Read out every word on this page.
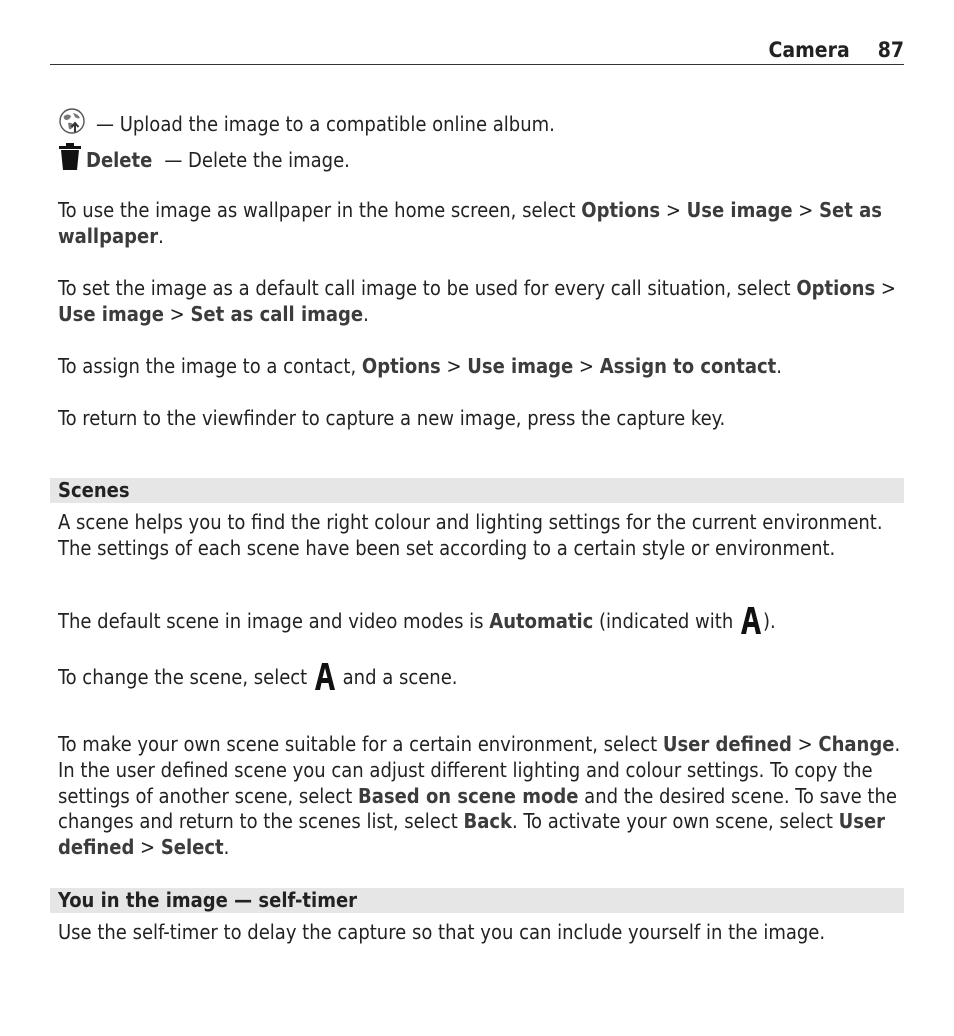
Camera 87
— Upload the image to a compatible online album.
Delete — Delete the image.
To use the image as wallpaper in the home screen, select Options > Use image > Set as wallpaper.
To set the image as a default call image to be used for every call situation, select Options > Use image > Set as call image.
To assign the image to a contact, Options > Use image > Assign to contact.
To return to the viewfinder to capture a new image, press the capture key.
Scenes
A scene helps you to find the right colour and lighting settings for the current environment. The settings of each scene have been set according to a certain style or environment.
The default scene in image and video modes is Automatic (indicated with ).
To change the scene, select  and a scene.
To make your own scene suitable for a certain environment, select User defined > Change. In the user defined scene you can adjust different lighting and colour settings. To copy the settings of another scene, select Based on scene mode and the desired scene. To save the changes and return to the scenes list, select Back. To activate your own scene, select User defined > Select.
You in the image — self-timer
Use the self-timer to delay the capture so that you can include yourself in the image.
